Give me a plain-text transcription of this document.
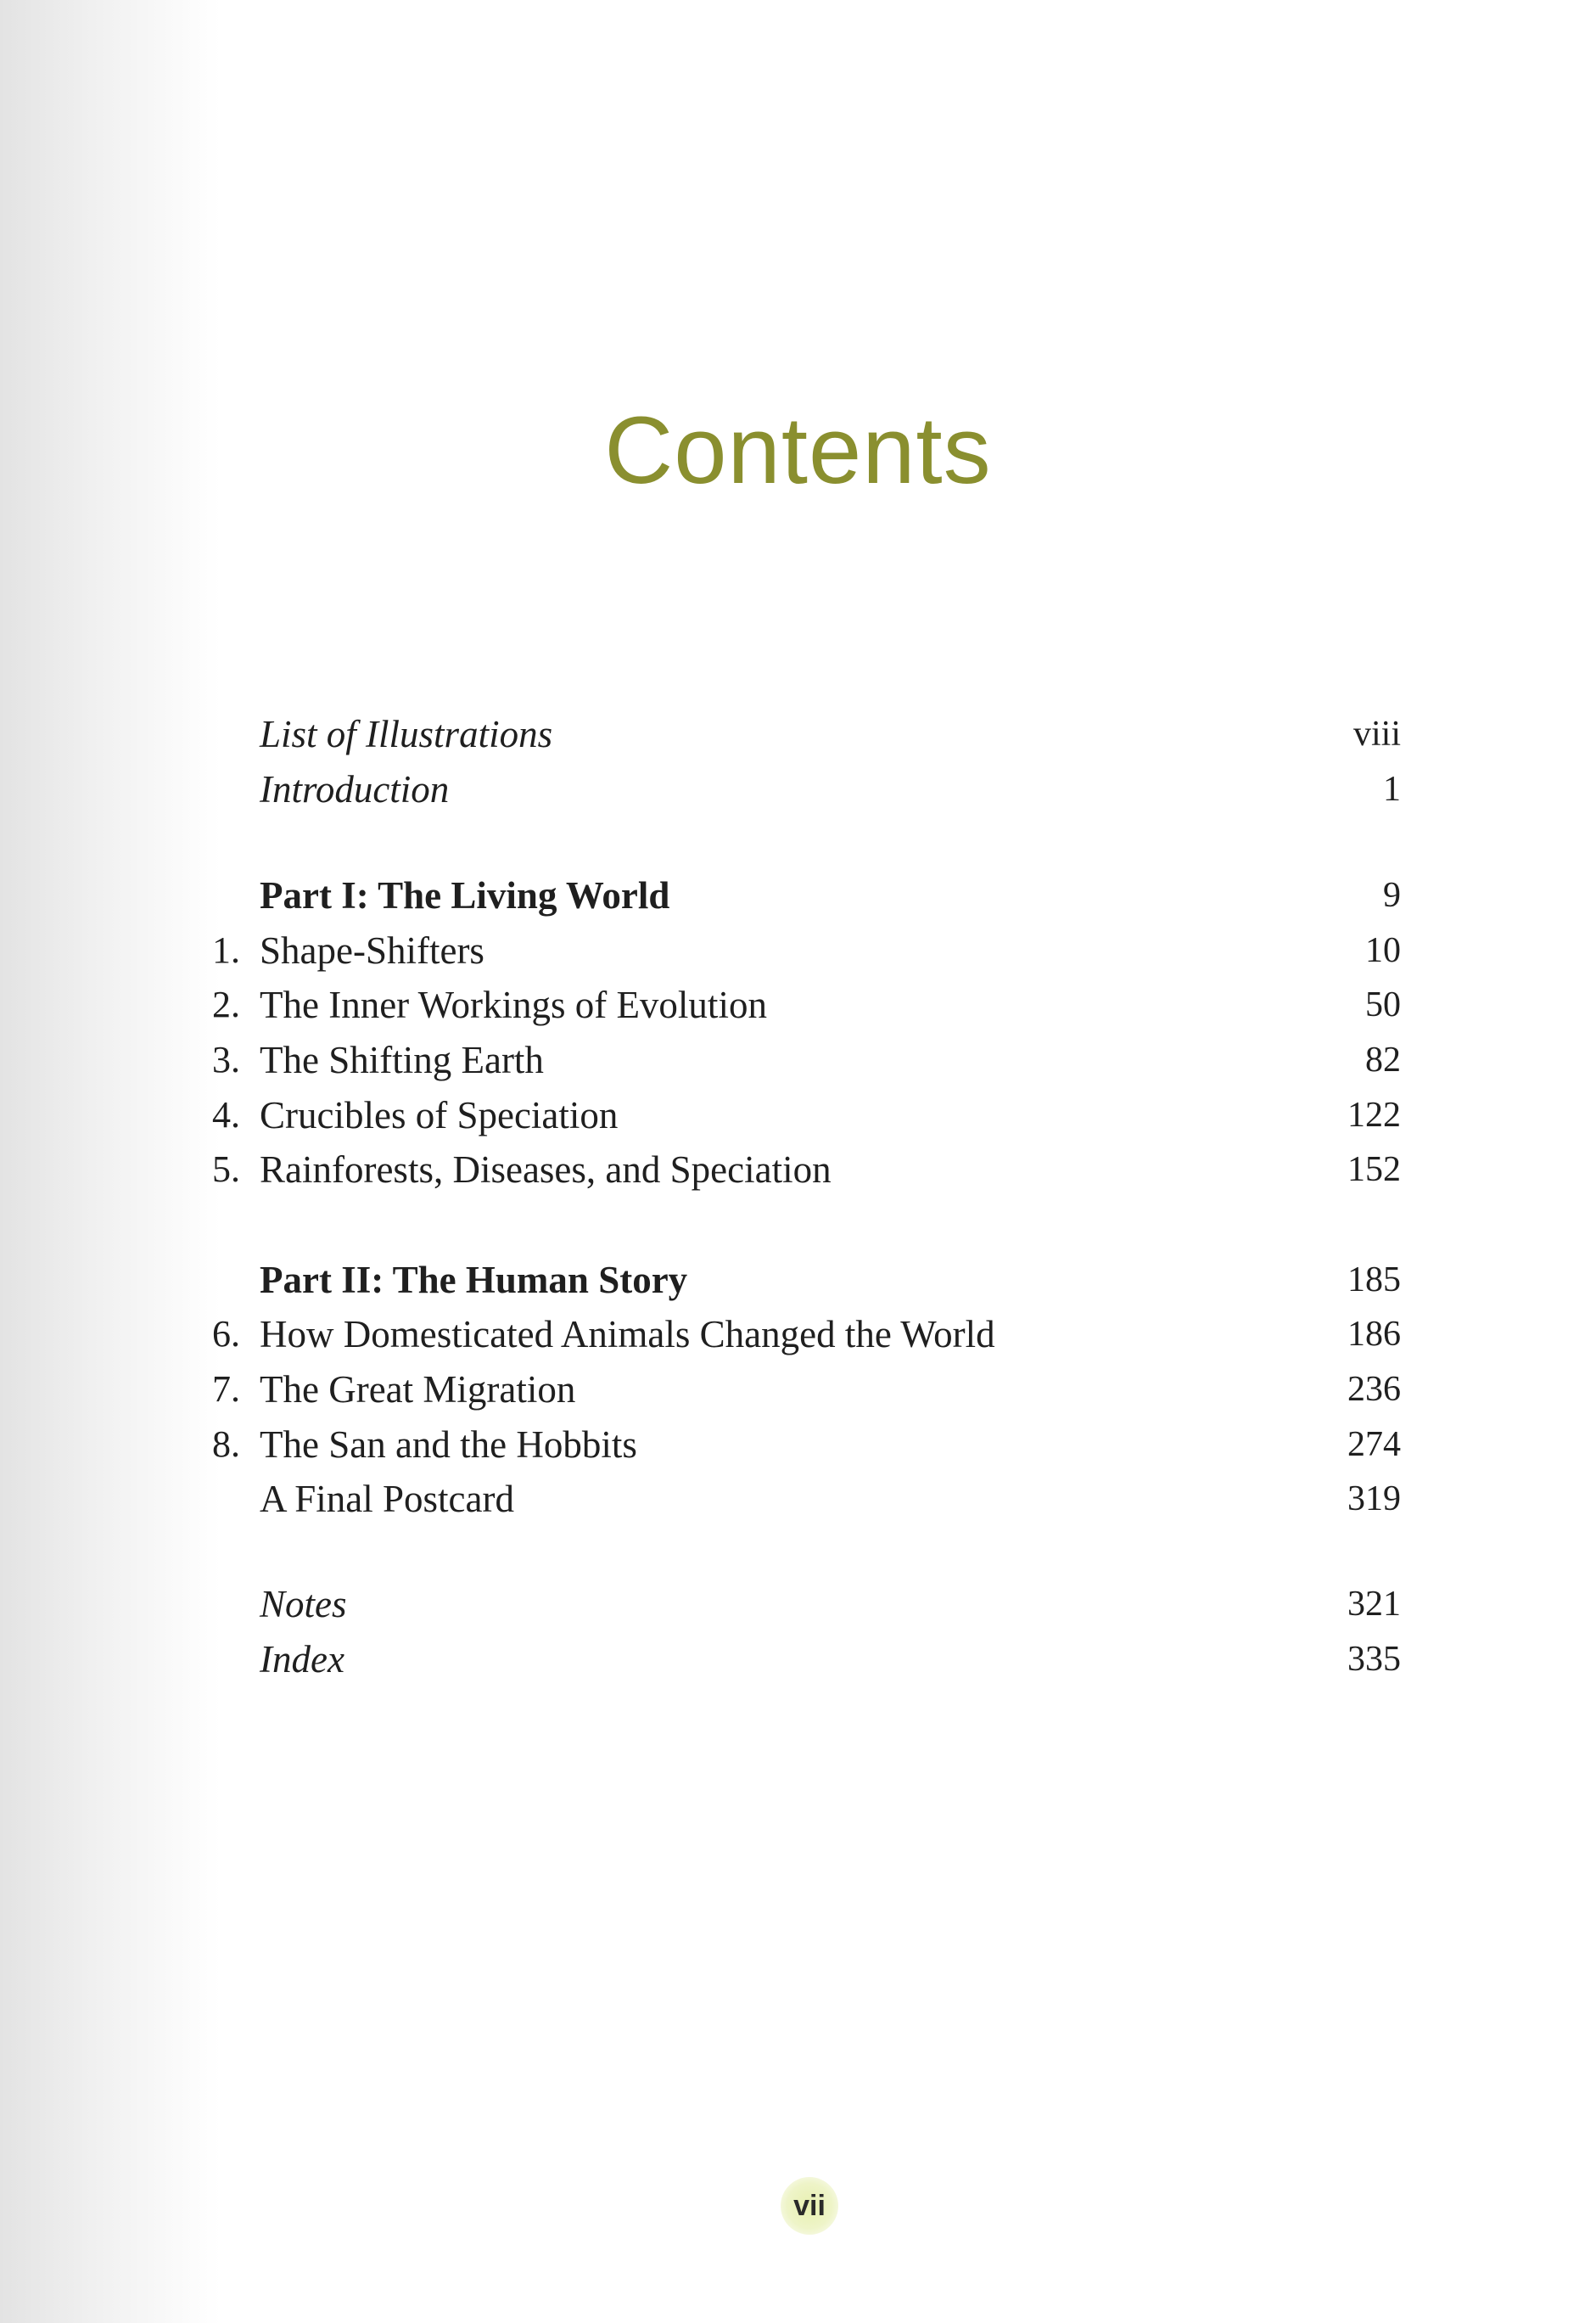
Contents
List of Illustrations	viii
Introduction	1
Part I: The Living World	9
1. Shape-Shifters	10
2. The Inner Workings of Evolution	50
3. The Shifting Earth	82
4. Crucibles of Speciation	122
5. Rainforests, Diseases, and Speciation	152
Part II: The Human Story	185
6. How Domesticated Animals Changed the World	186
7. The Great Migration	236
8. The San and the Hobbits	274
A Final Postcard	319
Notes	321
Index	335
vii
